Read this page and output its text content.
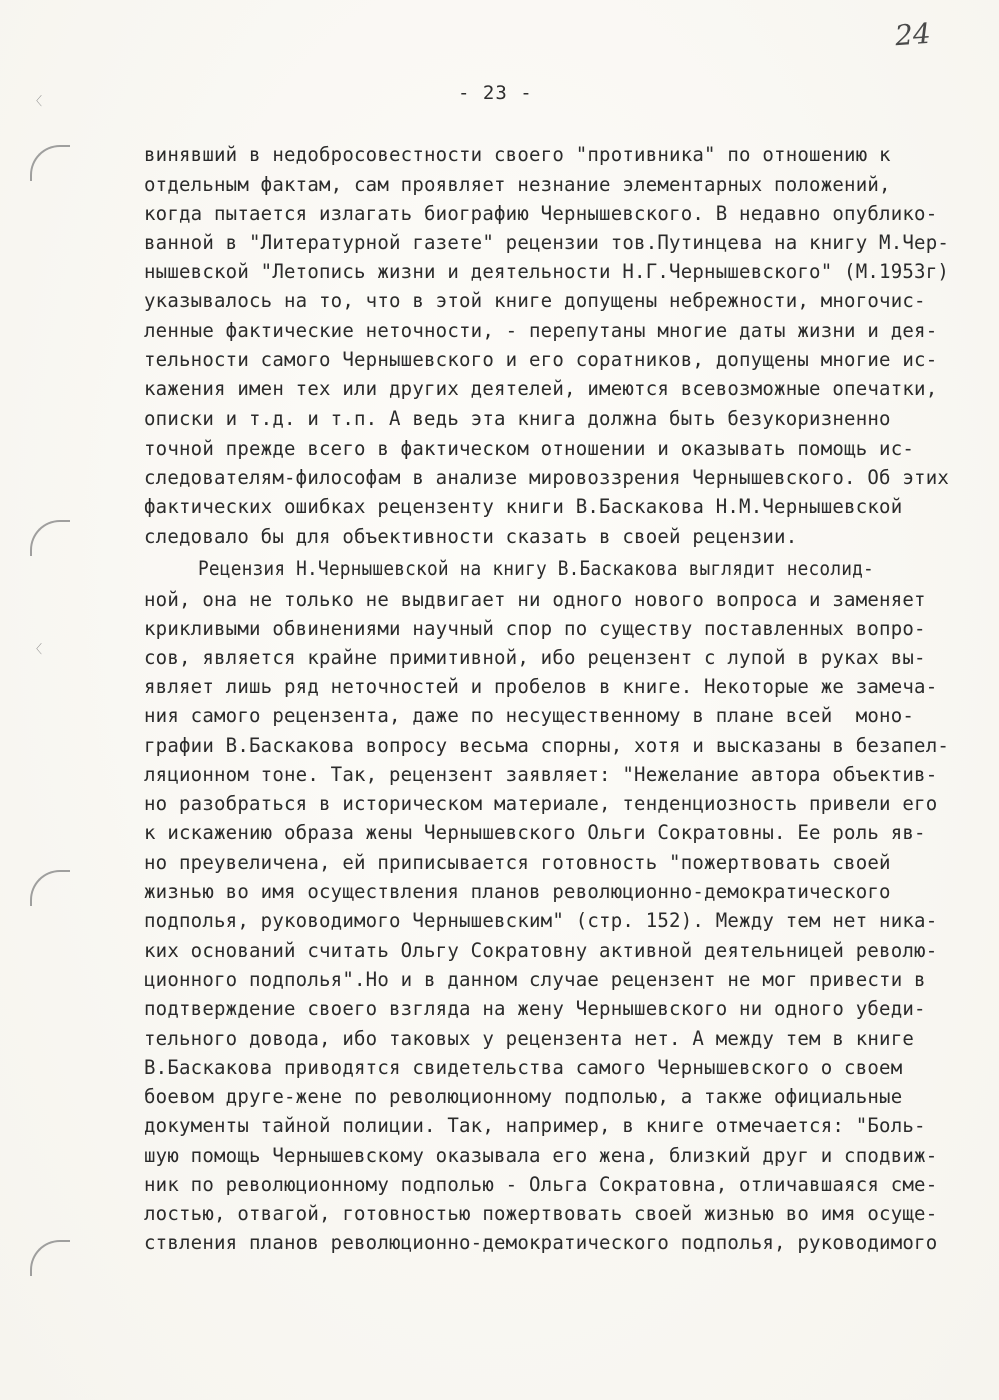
24
- 23 -
〈
〈
винявший в недобросовестности своего "противника" по отношению к
отдельным фактам, сам проявляет незнание элементарных положений,
когда пытается излагать биографию Чернышевского. В недавно опублико-
ванной в "Литературной газете" рецензии тов.Путинцева на книгу М.Чер-
нышевской "Летопись жизни и деятельности Н.Г.Чернышевского" (М.1953г)
указывалось на то, что в этой книге допущены небрежности, многочис-
ленные фактические неточности, - перепутаны многие даты жизни и дея-
тельности самого Чернышевского и его соратников, допущены многие ис-
кажения имен тех или других деятелей, имеются всевозможные опечатки,
описки и т.д. и т.п. А ведь эта книга должна быть безукоризненно
точной прежде всего в фактическом отношении и оказывать помощь ис-
следователям-философам в анализе мировоззрения Чернышевского. Об этих
фактических ошибках рецензенту книги В.Баскакова Н.М.Чернышевской
следовало бы для объективности сказать в своей рецензии.
Рецензия Н.Чернышевской на книгу В.Баскакова выглядит несолид-
ной, она не только не выдвигает ни одного нового вопроса и заменяет
крикливыми обвинениями научный спор по существу поставленных вопро-
сов, является крайне примитивной, ибо рецензент с лупой в руках вы-
являет лишь ряд неточностей и пробелов в книге. Некоторые же замеча-
ния самого рецензента, даже по несущественному в плане всей  моно-
графии В.Баскакова вопросу весьма спорны, хотя и высказаны в безапел-
ляционном тоне. Так, рецензент заявляет: "Нежелание автора объектив-
но разобраться в историческом материале, тенденциозность привели его
к искажению образа жены Чернышевского Ольги Сократовны. Ее роль яв-
но преувеличена, ей приписывается готовность "пожертвовать своей
жизнью во имя осуществления планов революционно-демократического
подполья, руководимого Чернышевским" (стр. 152). Между тем нет ника-
ких оснований считать Ольгу Сократовну активной деятельницей револю-
ционного подполья".Но и в данном случае рецензент не мог привести в
подтверждение своего взгляда на жену Чернышевского ни одного убеди-
тельного довода, ибо таковых у рецензента нет. А между тем в книге
В.Баскакова приводятся свидетельства самого Чернышевского о своем
боевом друге-жене по революционному подполью, а также официальные
документы тайной полиции. Так, например, в книге отмечается: "Боль-
шую помощь Чернышевскому оказывала его жена, близкий друг и сподвиж-
ник по революционному подполью - Ольга Сократовна, отличавшаяся сме-
лостью, отвагой, готовностью пожертвовать своей жизнью во имя осуще-
ствления планов революционно-демократического подполья, руководимого
